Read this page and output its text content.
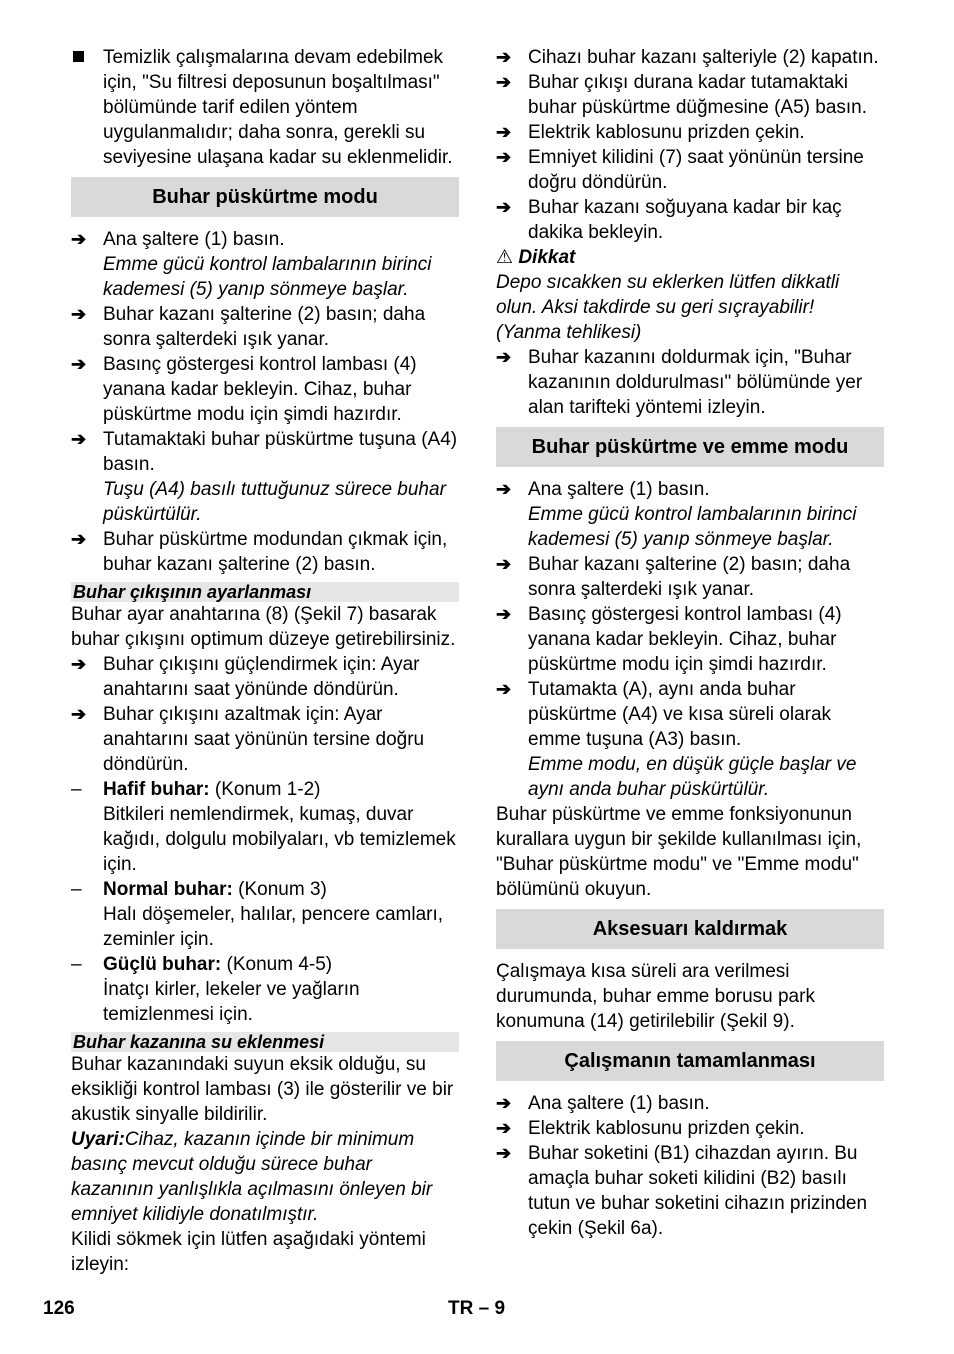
Temizlik çalışmalarına devam edebilmek için, "Su filtresi deposunun boşaltılması" bölümünde tarif edilen yöntem uygulanmalıdır; daha sonra, gerekli su seviyesine ulaşana kadar su eklenmelidir.
Buhar püskürtme modu
➔ Ana şaltere (1) basın.
Emme gücü kontrol lambalarının birinci kademesi (5) yanıp sönmeye başlar.
➔ Buhar kazanı şalterine (2) basın; daha sonra şalterdeki ışık yanar.
➔ Basınç göstergesi kontrol lambası (4) yanana kadar bekleyin. Cihaz, buhar püskürtme modu için şimdi hazırdır.
➔ Tutamaktaki buhar püskürtme tuşuna (A4) basın.
Tuşu (A4) basılı tuttuğunuz sürece buhar püskürtülür.
➔ Buhar püskürtme modundan çıkmak için, buhar kazanı şalterine (2) basın.
Buhar çıkışının ayarlanması
Buhar ayar anahtarına (8) (Şekil 7) basarak buhar çıkışını optimum düzeye getirebilirsiniz.
➔ Buhar çıkışını güçlendirmek için: Ayar anahtarını saat yönünde döndürün.
➔ Buhar çıkışını azaltmak için: Ayar anahtarını saat yönünün tersine doğru döndürün.
–	Hafif buhar: (Konum 1-2)
Bitkileri nemlendirmek, kumaş, duvar kağıdı, dolgulu mobilyaları, vb temizlemek için.
–	Normal buhar: (Konum 3)
Halı döşemeler, halılar, pencere camları, zeminler için.
–	Güçlü buhar: (Konum 4-5)
İnatçı kirler, lekeler ve yağların temizlenmesi için.
Buhar kazanına su eklenmesi
Buhar kazanındaki suyun eksik olduğu, su eksikliği kontrol lambası (3) ile gösterilir ve bir akustik sinyalle bildirilir.
Uyari:Cihaz, kazanın içinde bir minimum basınç mevcut olduğu sürece buhar kazanının yanlışlıkla açılmasını önleyen bir emniyet kilidiyle donatılmıştır.
Kilidi sökmek için lütfen aşağıdaki yöntemi izleyin:
➔ Cihazı buhar kazanı şalteriyle (2) kapatın.
➔ Buhar çıkışı durana kadar tutamaktaki buhar püskürtme düğmesine (A5) basın.
➔ Elektrik kablosunu prizden çekin.
➔ Emniyet kilidini (7) saat yönünün tersine doğru döndürün.
➔ Buhar kazanı soğuyana kadar bir kaç dakika bekleyin.
⚠ Dikkat
Depo sıcakken su eklerken lütfen dikkatli olun. Aksi takdirde su geri sıçrayabilir! (Yanma tehlikesi)
➔ Buhar kazanını doldurmak için, "Buhar kazanının doldurulması" bölümünde yer alan tarifteki yöntemi izleyin.
Buhar püskürtme ve emme modu
➔ Ana şaltere (1) basın.
Emme gücü kontrol lambalarının birinci kademesi (5) yanıp sönmeye başlar.
➔ Buhar kazanı şalterine (2) basın; daha sonra şalterdeki ışık yanar.
➔ Basınç göstergesi kontrol lambası (4) yanana kadar bekleyin. Cihaz, buhar püskürtme modu için şimdi hazırdır.
➔ Tutamakta (A), aynı anda buhar püskürtme (A4) ve kısa süreli olarak emme tuşuna (A3) basın.
Emme modu, en düşük güçle başlar ve aynı anda buhar püskürtülür.
Buhar püskürtme ve emme fonksiyonunun kurallara uygun bir şekilde kullanılması için, "Buhar püskürtme modu" ve "Emme modu" bölümünü okuyun.
Aksesuarı kaldırmak
Çalışmaya kısa süreli ara verilmesi durumunda, buhar emme borusu park konumuna (14) getirilebilir (Şekil 9).
Çalışmanın tamamlanması
➔ Ana şaltere (1) basın.
➔ Elektrik kablosunu prizden çekin.
➔ Buhar soketini (B1) cihazdan ayırın. Bu amaçla buhar soketi kilidini (B2) basılı tutun ve buhar soketini cihazın prizinden çekin (Şekil 6a).
126	TR – 9
